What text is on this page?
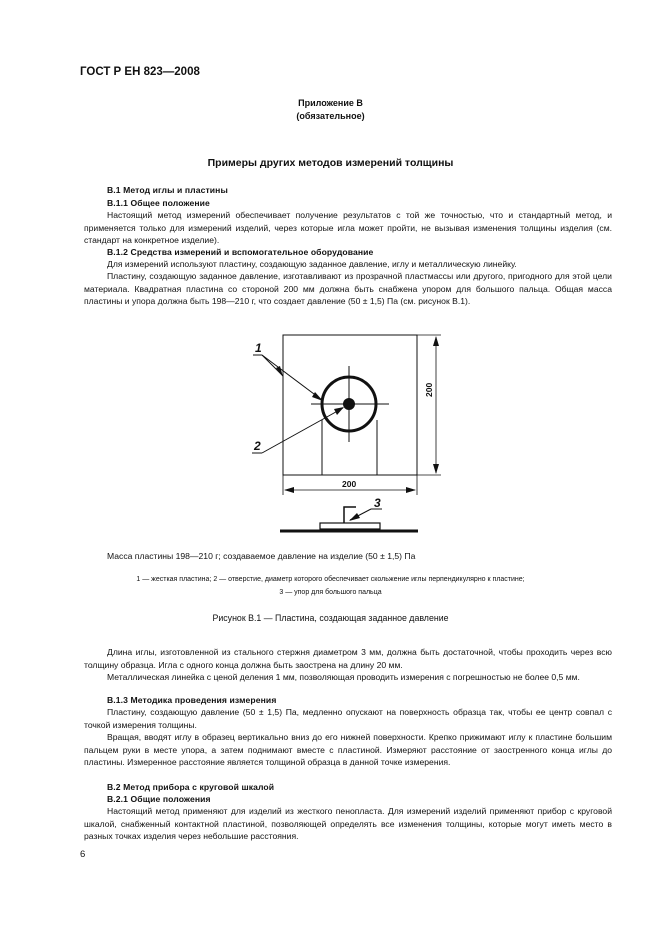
ГОСТ Р ЕН 823—2008
Приложение В
(обязательное)
Примеры других методов измерений толщины
В.1 Метод иглы и пластины
В.1.1 Общее положение
Настоящий метод измерений обеспечивает получение результатов с той же точностью, что и стандартный метод, и применяется только для измерений изделий, через которые игла может пройти, не вызывая изменения толщины изделия (см. стандарт на конкретное изделие).
В.1.2 Средства измерений и вспомогательное оборудование
Для измерений используют пластину, создающую заданное давление, иглу и металлическую линейку.
Пластину, создающую заданное давление, изготавливают из прозрачной пластмассы или другого, пригодного для этой цели материала. Квадратная пластина со стороной 200 мм должна быть снабжена упором для большого пальца. Общая масса пластины и упора должна быть 198—210 г, что создает давление (50 ± 1,5) Па (см. рисунок В.1).
1
2
3
200
200
Масса пластины 198—210 г; создаваемое давление на изделие (50 ± 1,5) Па
1 — жесткая пластина; 2 — отверстие, диаметр которого обеспечивает скольжение иглы перпендикулярно к пластине;
3 — упор для большого пальца
Рисунок В.1 — Пластина, создающая заданное давление
Длина иглы, изготовленной из стального стержня диаметром 3 мм, должна быть достаточной, чтобы проходить через всю толщину образца. Игла с одного конца должна быть заострена на длину 20 мм.
Металлическая линейка с ценой деления 1 мм, позволяющая проводить измерения с погрешностью не более 0,5 мм.
В.1.3 Методика проведения измерения
Пластину, создающую давление (50 ± 1,5) Па, медленно опускают на поверхность образца так, чтобы ее центр совпал с точкой измерения толщины.
Вращая, вводят иглу в образец вертикально вниз до его нижней поверхности. Крепко прижимают иглу к пластине большим пальцем руки в месте упора, а затем поднимают вместе с пластиной. Измеряют расстояние от заостренного конца иглы до пластины. Измеренное расстояние является толщиной образца в данной точке измерения.
В.2 Метод прибора с круговой шкалой
В.2.1 Общие положения
Настоящий метод применяют для изделий из жесткого пенопласта. Для измерений изделий применяют прибор с круговой шкалой, снабженный контактной пластиной, позволяющей определять все изменения толщины, которые могут иметь место в разных точках изделия через небольшие расстояния.
6
